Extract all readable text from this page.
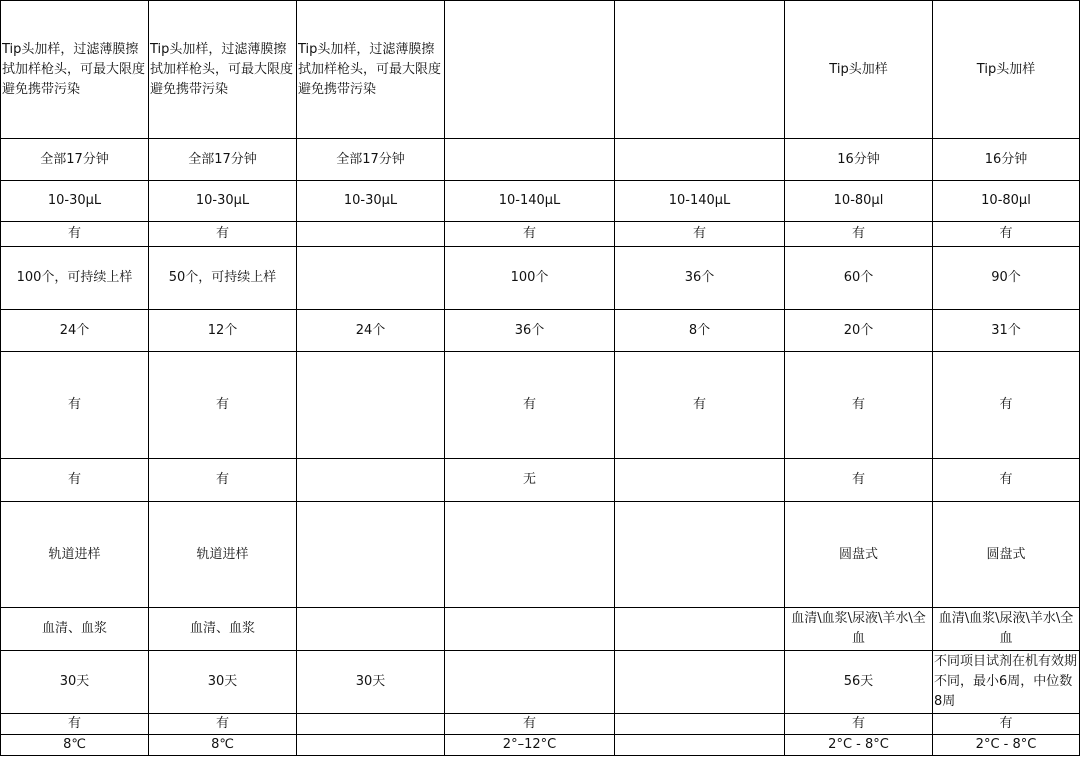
Tip头加样，过滤薄膜擦拭加样枪头，可最大限度避免携带污染	Tip头加样，过滤薄膜擦拭加样枪头，可最大限度避免携带污染	Tip头加样，过滤薄膜擦拭加样枪头，可最大限度避免携带污染			Tip头加样	Tip头加样
全部17分钟	全部17分钟	全部17分钟			16分钟	16分钟
10-30μL	10-30μL	10-30μL	10-140μL	10-140μL	10-80μl	10-80μl
有	有		有	有	有	有
100个，可持续上样	50个，可持续上样		100个	36个	60个	90个
24个	12个	24个	36个	8个	20个	31个
有	有		有	有	有	有
有	有		无		有	有
轨道进样	轨道进样				圆盘式	圆盘式
血清、血浆	血清、血浆				血清\血浆\尿液\羊水\全血	血清\血浆\尿液\羊水\全血
30天	30天	30天			56天	不同项目试剂在机有效期不同，最小6周，中位数8周
有	有		有		有	有
8℃	8℃		2°–12°C		2°C - 8°C	2°C - 8°C
